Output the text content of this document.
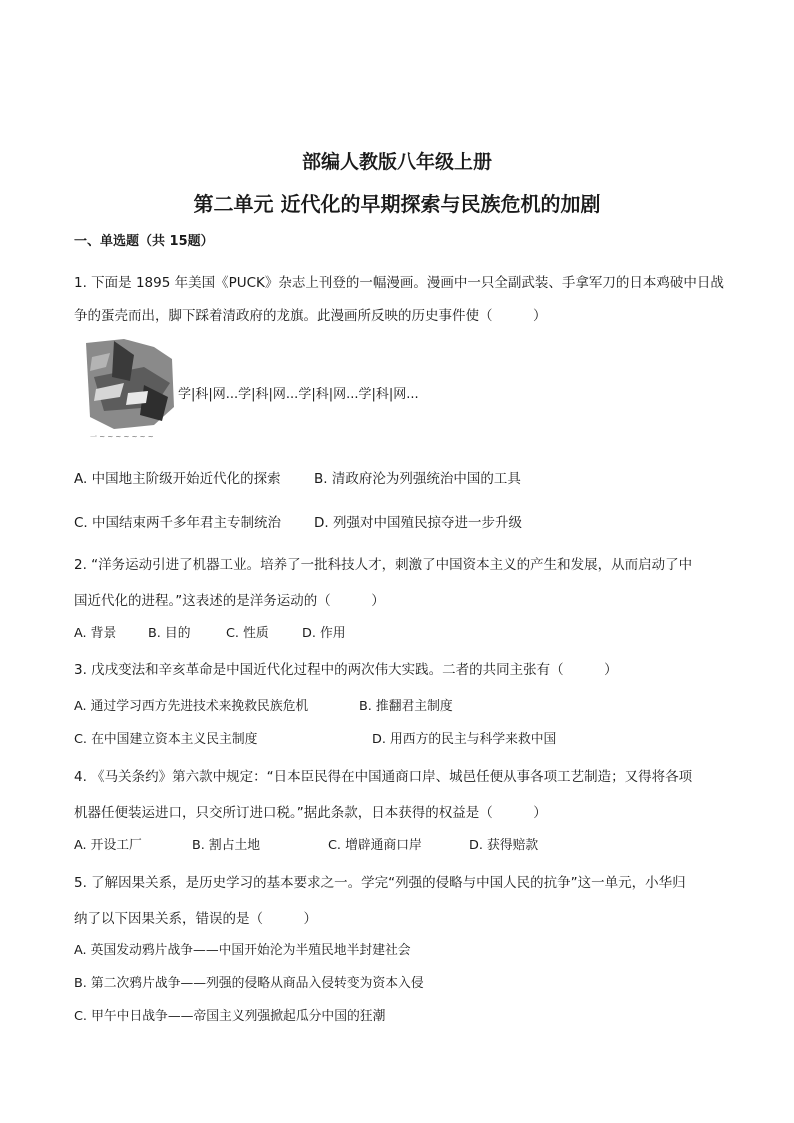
部编人教版八年级上册
第二单元 近代化的早期探索与民族危机的加剧
一、单选题（共 15题）
1. 下面是 1895 年美国《PUCK》杂志上刊登的一幅漫画。漫画中一只全副武装、手拿军刀的日本鸡破中日战
争的蛋壳而出，脚下踩着清政府的龙旗。此漫画所反映的历史事件使（　　　）
一 ~ ~ ~ ~ ~ ~ ~
学|科|网...学|科|网...学|科|网...学|科|网...
A. 中国地主阶级开始近代化的探索 B. 清政府沦为列强统治中国的工具
C. 中国结束两千多年君主专制统治 D. 列强对中国殖民掠夺进一步升级
2. “洋务运动引进了机器工业。培养了一批科技人才，刺激了中国资本主义的产生和发展，从而启动了中
国近代化的进程。”这表述的是洋务运动的（　　　）
A. 背景 B. 目的	C. 性质	D. 作用
3. 戊戌变法和辛亥革命是中国近代化过程中的两次伟大实践。二者的共同主张有（　　　）
A. 通过学习西方先进技术来挽救民族危机	B. 推翻君主制度
C. 在中国建立资本主义民主制度	D. 用西方的民主与科学来救中国
4. 《马关条约》第六款中规定：“日本臣民得在中国通商口岸、城邑任便从事各项工艺制造；又得将各项
机器任便装运进口，只交所订进口税。”据此条款，日本获得的权益是（　　　）
A. 开设工厂	B. 割占土地	C. 增辟通商口岸	D. 获得赔款
5. 了解因果关系，是历史学习的基本要求之一。学完“列强的侵略与中国人民的抗争”这一单元，小华归
纳了以下因果关系，错误的是（　　　）
A. 英国发动鸦片战争——中国开始沦为半殖民地半封建社会
B. 第二次鸦片战争——列强的侵略从商品入侵转变为资本入侵
C. 甲午中日战争——帝国主义列强掀起瓜分中国的狂潮
